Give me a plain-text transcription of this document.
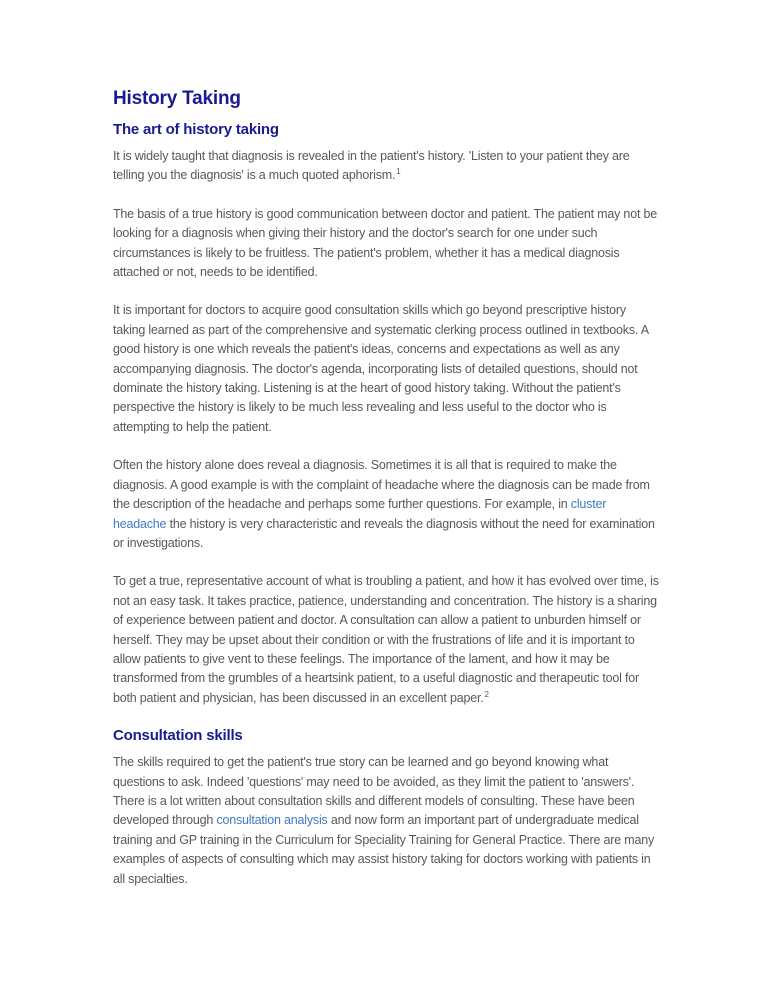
History Taking
The art of history taking

It is widely taught that diagnosis is revealed in the patient's history. 'Listen to your patient they are telling you the diagnosis' is a much quoted aphorism.$^1$

The basis of a true history is good communication between doctor and patient. The patient may not be looking for a diagnosis when giving their history and the doctor's search for one under such circumstances is likely to be fruitless. The patient's problem, whether it has a medical diagnosis attached or not, needs to be identified.

It is important for doctors to acquire good consultation skills which go beyond prescriptive history taking learned as part of the comprehensive and systematic clerking process outlined in textbooks. A good history is one which reveals the patient's ideas, concerns and expectations as well as any accompanying diagnosis. The doctor's agenda, incorporating lists of detailed questions, should not dominate the history taking. Listening is at the heart of good history taking. Without the patient's perspective the history is likely to be much less revealing and less useful to the doctor who is attempting to help the patient.

Often the history alone does reveal a diagnosis. Sometimes it is all that is required to make the diagnosis. A good example is with the complaint of headache where the diagnosis can be made from the description of the headache and perhaps some further questions. For example, in cluster headache the history is very characteristic and reveals the diagnosis without the need for examination or investigations.

To get a true, representative account of what is troubling a patient, and how it has evolved over time, is not an easy task. It takes practice, patience, understanding and concentration. The history is a sharing of experience between patient and doctor. A consultation can allow a patient to unburden himself or herself. They may be upset about their condition or with the frustrations of life and it is important to allow patients to give vent to these feelings. The importance of the lament, and how it may be transformed from the grumbles of a heartsink patient, to a useful diagnostic and therapeutic tool for both patient and physician, has been discussed in an excellent paper.$^2$

Consultation skills

The skills required to get the patient's true story can be learned and go beyond knowing what questions to ask. Indeed 'questions' may need to be avoided, as they limit the patient to 'answers'. There is a lot written about consultation skills and different models of consulting. These have been developed through consultation analysis and now form an important part of undergraduate medical training and GP training in the Curriculum for Speciality Training for General Practice. There are many examples of aspects of consulting which may assist history taking for doctors working with patients in all specialties.
